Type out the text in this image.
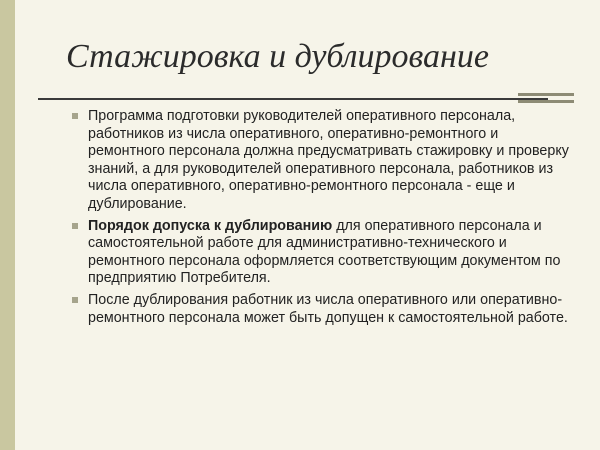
Стажировка и дублирование
Программа подготовки руководителей оперативного персонала, работников из числа оперативного, оперативно-ремонтного и ремонтного персонала должна предусматривать стажировку и проверку знаний, а для руководителей оперативного персонала, работников из числа оперативного, оперативно-ремонтного персонала - еще и дублирование.
Порядок допуска к дублированию для оперативного персонала и самостоятельной работе для административно-технического и ремонтного персонала оформляется соответствующим документом по предприятию Потребителя.
После дублирования работник из числа оперативного или оперативно- ремонтного персонала может быть допущен к самостоятельной работе.
